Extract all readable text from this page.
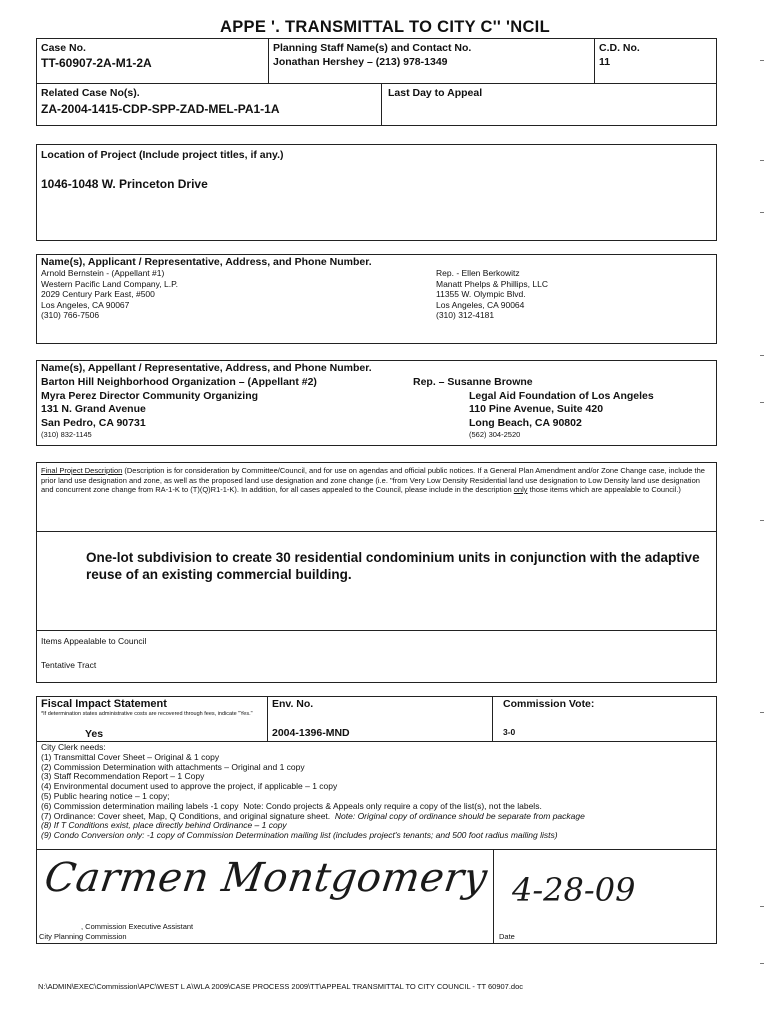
APPE '. TRANSMITTAL TO CITY C'' 'NCIL
Case No.
TT-60907-2A-M1-2A
Planning Staff Name(s) and Contact No.
Jonathan Hershey – (213) 978-1349
C.D. No.
11
Related Case No(s).
ZA-2004-1415-CDP-SPP-ZAD-MEL-PA1-1A
Last Day to Appeal
Location of Project (Include project titles, if any.)
1046-1048 W. Princeton Drive
Name(s), Applicant / Representative, Address, and Phone Number.
Arnold Bernstein - (Appellant #1)
Western Pacific Land Company, L.P.
2029 Century Park East, #500
Los Angeles, CA 90067
(310) 766-7506
Rep. - Ellen Berkowitz
Manatt Phelps & Phillips, LLC
11355 W. Olympic Blvd.
Los Angeles, CA 90064
(310) 312-4181
Name(s), Appellant / Representative, Address, and Phone Number.
Barton Hill Neighborhood Organization – (Appellant #2)
Myra Perez Director Community Organizing
131 N. Grand Avenue
San Pedro, CA 90731
(310) 832-1145
Rep. – Susanne Browne
Legal Aid Foundation of Los Angeles
110 Pine Avenue, Suite 420
Long Beach, CA 90802
(562) 304-2520
Final Project Description (Description is for consideration by Committee/Council, and for use on agendas and official public notices. If a General Plan Amendment and/or Zone Change case, include the prior land use designation and zone, as well as the proposed land use designation and zone change (i.e. "from Very Low Density Residential land use designation to Low Density land use designation and concurrent zone change from RA-1-K to (T)(Q)R1-1-K). In addition, for all cases appealed to the Council, please include in the description only those items which are appealable to Council.)
One-lot subdivision to create 30 residential condominium units in conjunction with the adaptive reuse of an existing commercial building.
Items Appealable to Council
Tentative Tract
Fiscal Impact Statement
*If determination states administrative costs are recovered through fees, indicate "Yes."
Yes
Env. No.
2004-1396-MND
Commission Vote:
3-0
City Clerk needs:
(1) Transmittal Cover Sheet – Original & 1 copy
(2) Commission Determination with attachments – Original and 1 copy
(3) Staff Recommendation Report – 1 Copy
(4) Environmental document used to approve the project, if applicable – 1 copy
(5) Public hearing notice – 1 copy;
(6) Commission determination mailing labels -1 copy Note: Condo projects & Appeals only require a copy of the list(s), not the labels.
(7) Ordinance: Cover sheet, Map, Q Conditions, and original signature sheet. Note: Original copy of ordinance should be separate from package
(8) If T Conditions exist, place directly behind Ordinance – 1 copy
(9) Condo Conversion only: -1 copy of Commission Determination mailing list (includes project's tenants; and 500 foot radius mailing lists)
Carmen Montgomery
, Commission Executive Assistant
City Planning Commission
4-28-09
Date
N:\ADMIN\EXEC\Commission\APC\WEST L A\WLA 2009\CASE PROCESS 2009\TT\APPEAL TRANSMITTAL TO CITY COUNCIL - TT 60907.doc
